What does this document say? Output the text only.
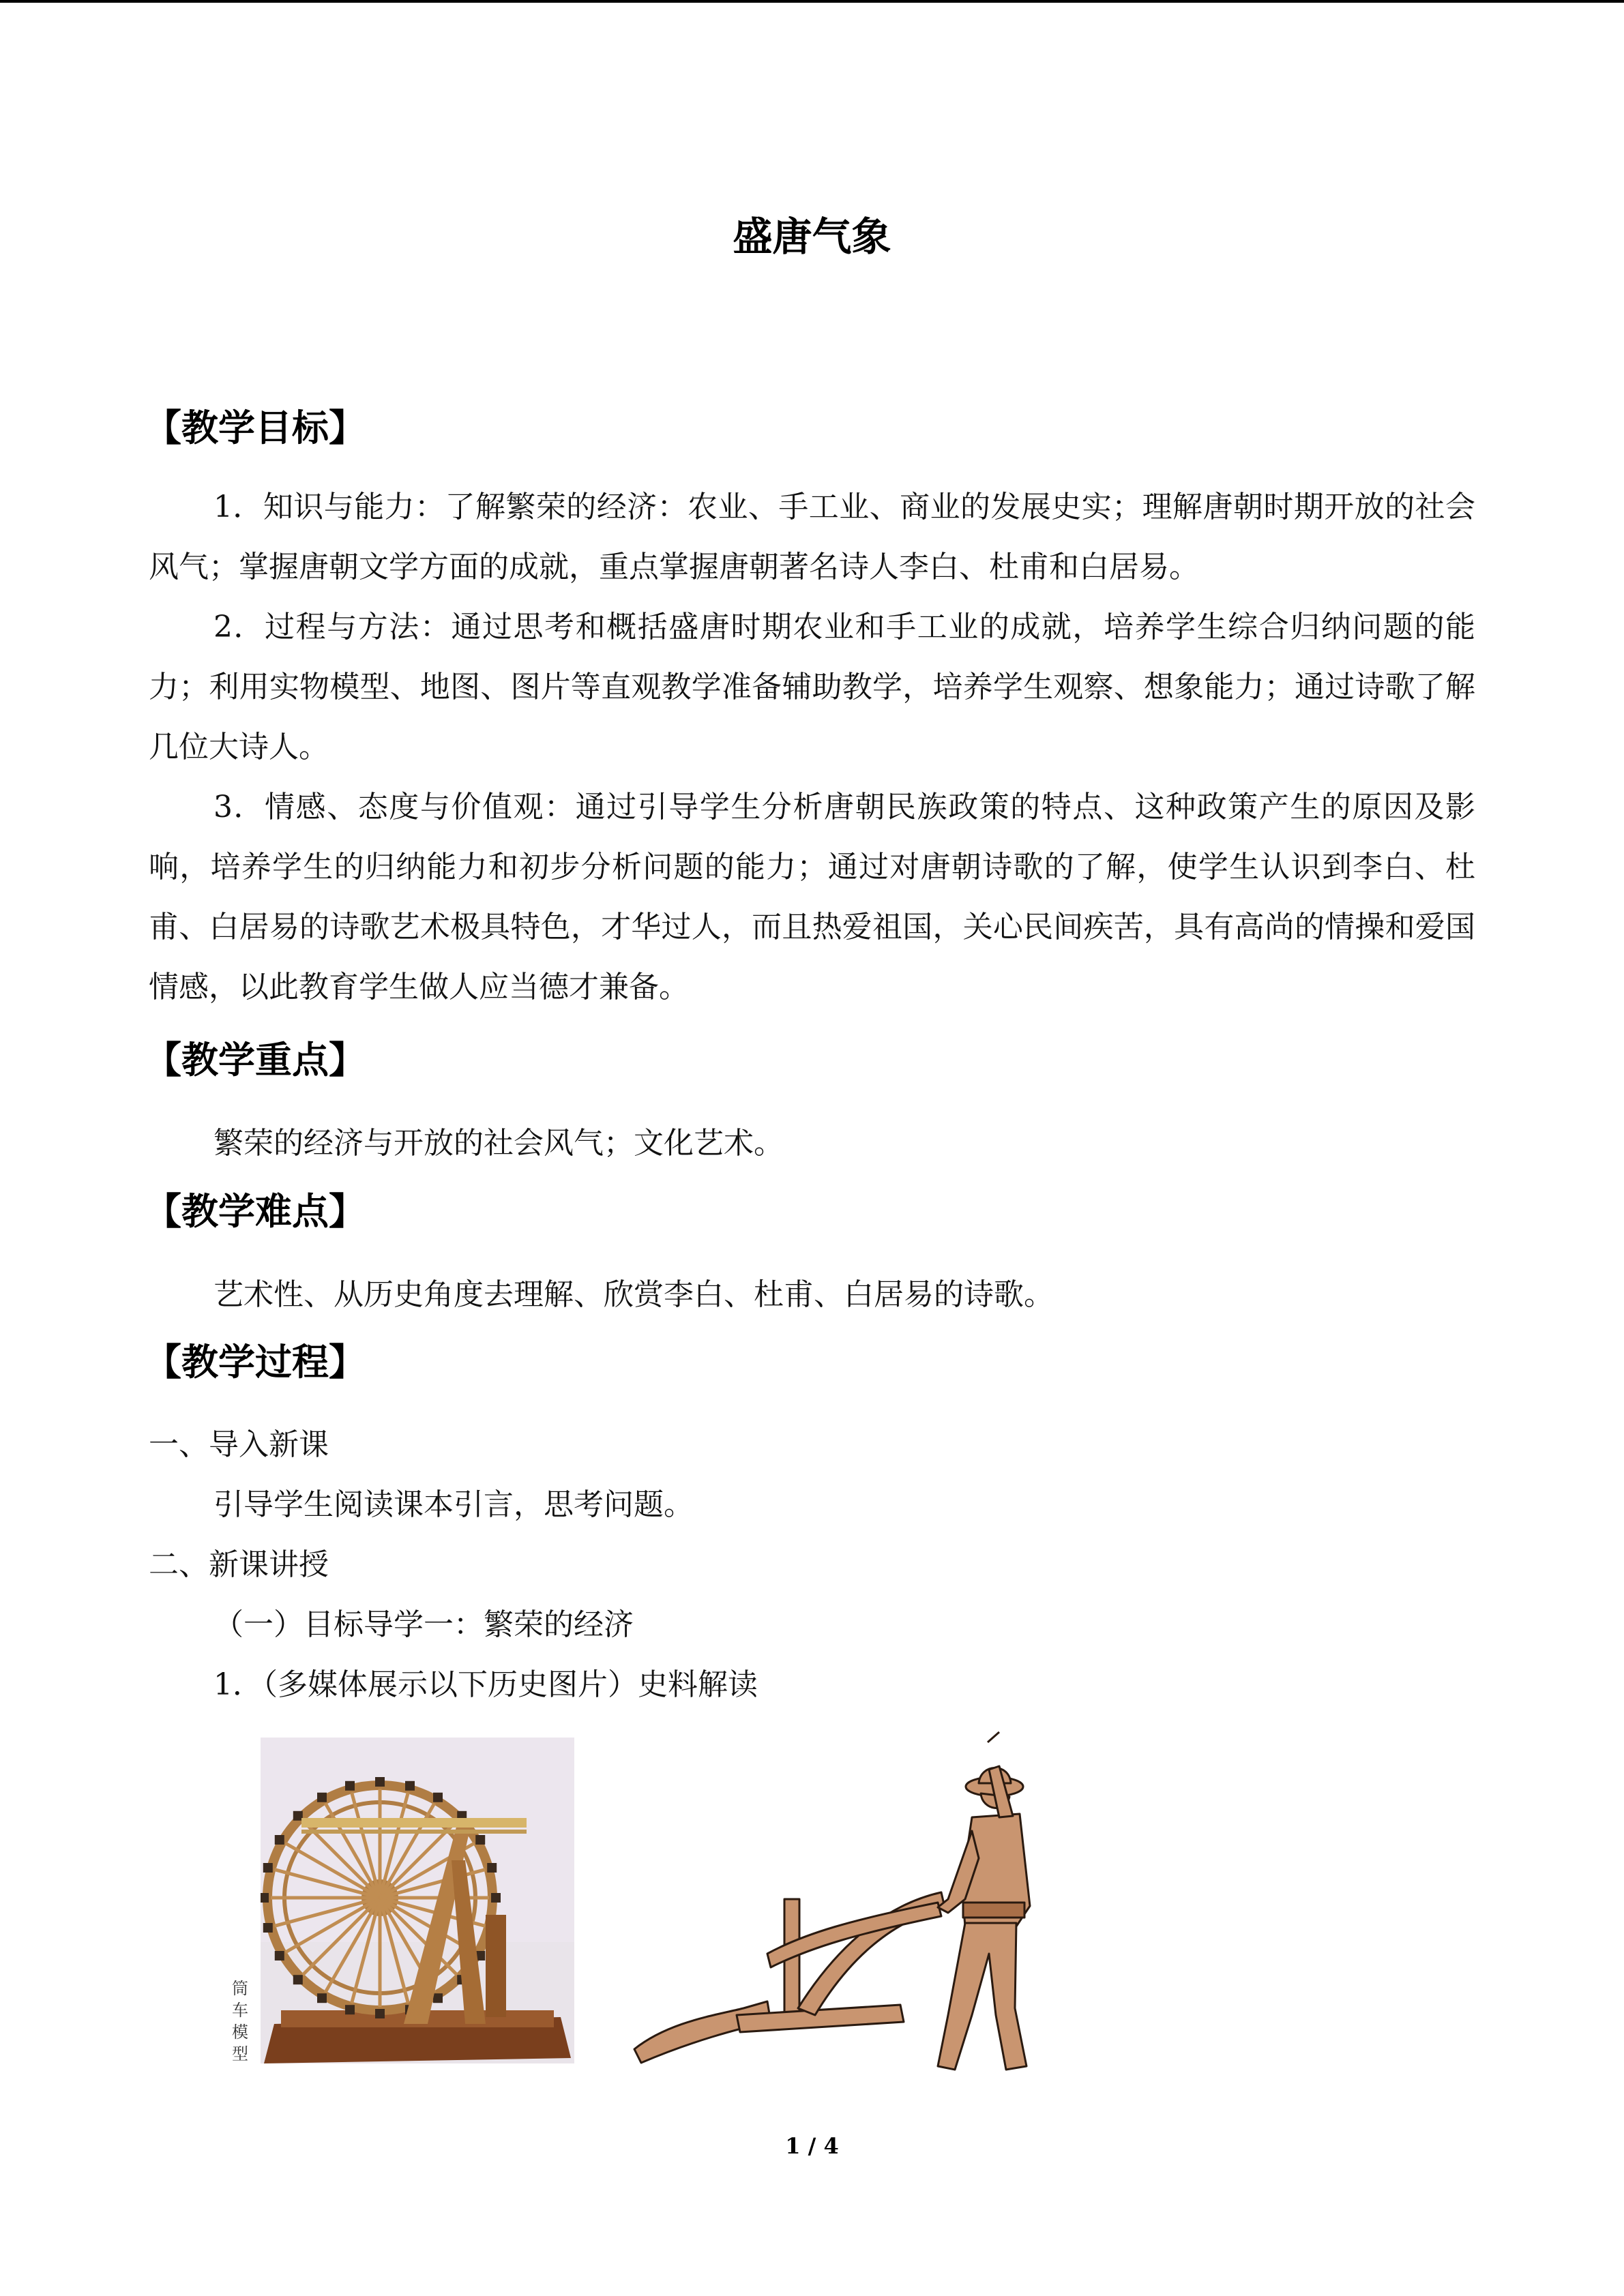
盛唐气象
【教学目标】
1．知识与能力：了解繁荣的经济：农业、手工业、商业的发展史实；理解唐朝时期开放的社会风气；掌握唐朝文学方面的成就，重点掌握唐朝著名诗人李白、杜甫和白居易。
2．过程与方法：通过思考和概括盛唐时期农业和手工业的成就，培养学生综合归纳问题的能力；利用实物模型、地图、图片等直观教学准备辅助教学，培养学生观察、想象能力；通过诗歌了解几位大诗人。
3．情感、态度与价值观：通过引导学生分析唐朝民族政策的特点、这种政策产生的原因及影响，培养学生的归纳能力和初步分析问题的能力；通过对唐朝诗歌的了解，使学生认识到李白、杜甫、白居易的诗歌艺术极具特色，才华过人，而且热爱祖国，关心民间疾苦，具有高尚的情操和爱国情感，以此教育学生做人应当德才兼备。
【教学重点】
繁荣的经济与开放的社会风气；文化艺术。
【教学难点】
艺术性、从历史角度去理解、欣赏李白、杜甫、白居易的诗歌。
【教学过程】
一、导入新课
引导学生阅读课本引言，思考问题。
二、新课讲授
（一）目标导学一：繁荣的经济
1．（多媒体展示以下历史图片）史料解读
筒
车
模
型
1 / 4
